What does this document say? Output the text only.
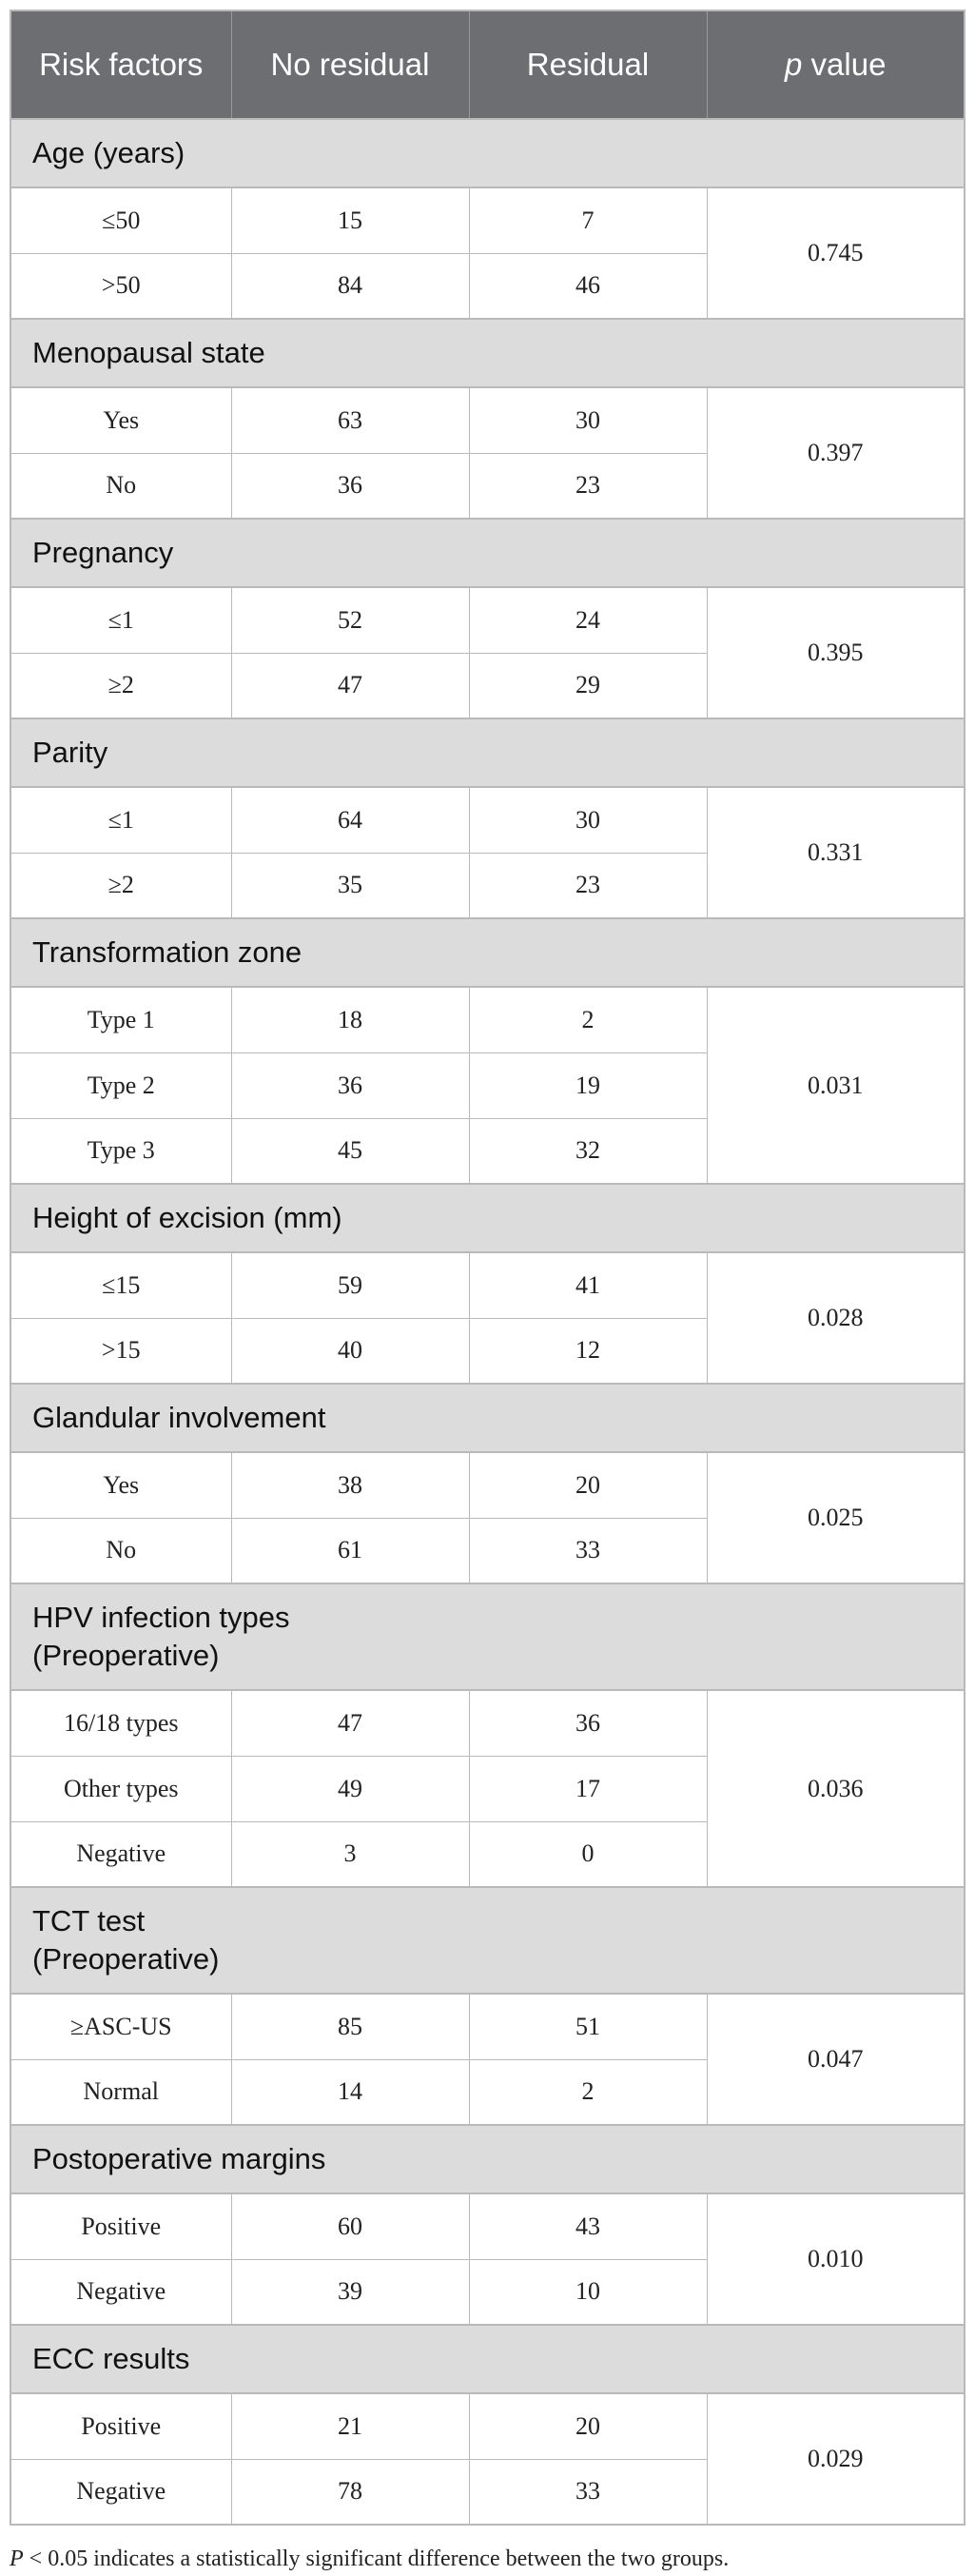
Risk factors	No residual	Residual	p value
Age (years)			
≤50	15	7	0.745
>50	84	46	
Menopausal state			
Yes	63	30	0.397
No	36	23	
Pregnancy			
≤1	52	24	0.395
≥2	47	29	
Parity			
≤1	64	30	0.331
≥2	35	23	
Transformation zone			
Type 1	18	2	0.031
Type 2	36	19	
Type 3	45	32	
Height of excision (mm)			
≤15	59	41	0.028
>15	40	12	
Glandular involvement			
Yes	38	20	0.025
No	61	33	
HPV infection types
(Preoperative)			
16/18 types	47	36	0.036
Other types	49	17	
Negative	3	0	
TCT test
(Preoperative)			
≥ASC-US	85	51	0.047
Normal	14	2	
Postoperative margins			
Positive	60	43	0.010
Negative	39	10	
ECC results			
Positive	21	20	0.029
Negative	78	33	
P < 0.05 indicates a statistically significant difference between the two groups.
